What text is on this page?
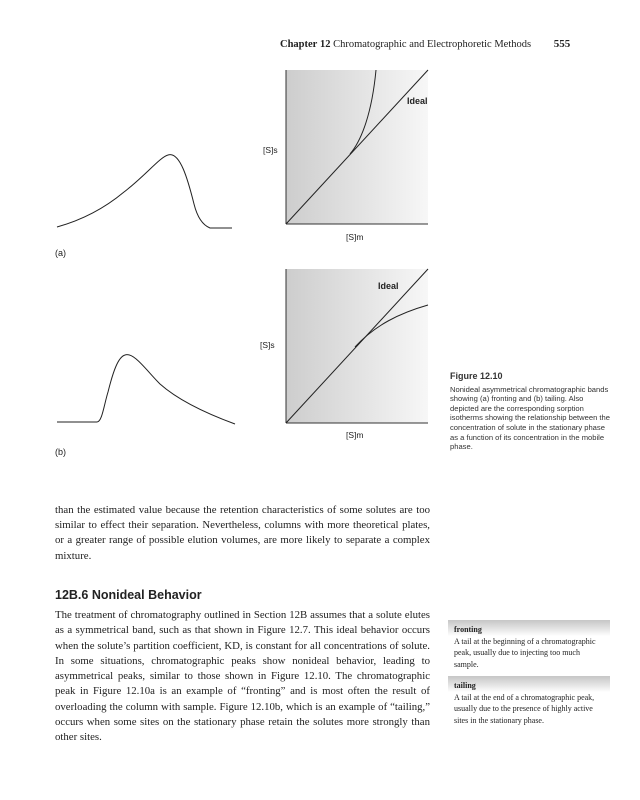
Chapter 12 Chromatographic and Electrophoretic Methods 555
(a)
Ideal
[S]s
[S]m
(b)
Ideal
[S]s
[S]m
Figure 12.10
Nonideal asymmetrical chromatographic bands showing (a) fronting and (b) tailing. Also depicted are the corresponding sorption isotherms showing the relationship between the concentration of solute in the stationary phase as a function of its concentration in the mobile phase.
than the estimated value because the retention characteristics of some solutes are too similar to effect their separation. Nevertheless, columns with more theoretical plates, or a greater range of possible elution volumes, are more likely to separate a complex mixture.
12B.6 Nonideal Behavior
The treatment of chromatography outlined in Section 12B assumes that a solute elutes as a symmetrical band, such as that shown in Figure 12.7. This ideal behavior occurs when the solute’s partition coefficient, KD, is constant for all concentrations of solute. In some situations, chromatographic peaks show nonideal behavior, leading to asymmetrical peaks, similar to those shown in Figure 12.10. The chromatographic peak in Figure 12.10a is an example of “fronting” and is most often the result of overloading the column with sample. Figure 12.10b, which is an example of “tailing,” occurs when some sites on the stationary phase retain the solutes more strongly than other sites.
fronting
A tail at the beginning of a chromatographic peak, usually due to injecting too much sample.
tailing
A tail at the end of a chromatographic peak, usually due to the presence of highly active sites in the stationary phase.
